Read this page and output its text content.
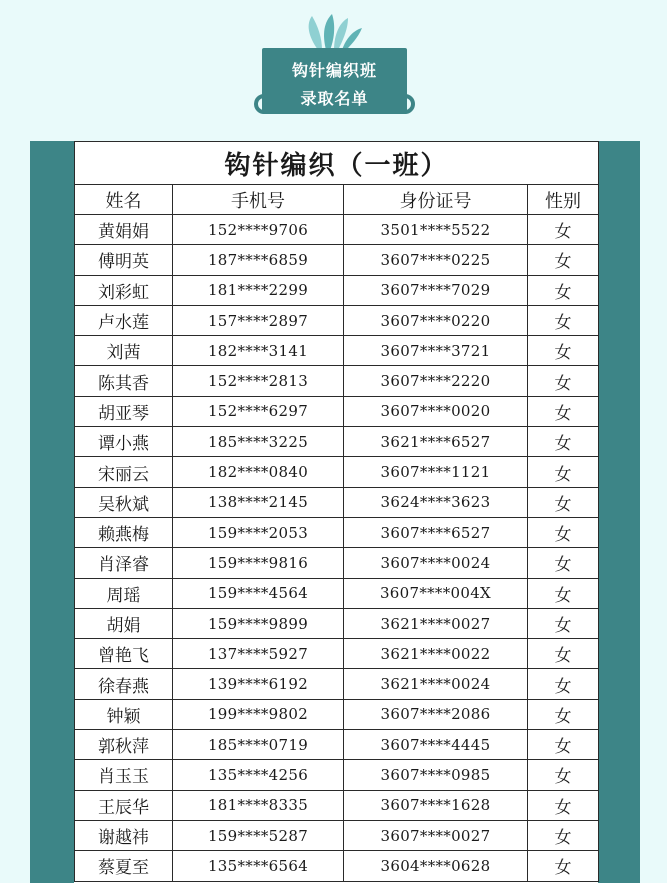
钩针编织班
录取名单
钩针编织（一班）			
姓名	手机号	身份证号	性别
黄娟娟	152****9706	3501****5522	女
傅明英	187****6859	3607****0225	女
刘彩虹	181****2299	3607****7029	女
卢水莲	157****2897	3607****0220	女
刘茜	182****3141	3607****3721	女
陈其香	152****2813	3607****2220	女
胡亚琴	152****6297	3607****0020	女
谭小燕	185****3225	3621****6527	女
宋丽云	182****0840	3607****1121	女
吴秋斌	138****2145	3624****3623	女
赖燕梅	159****2053	3607****6527	女
肖泽睿	159****9816	3607****0024	女
周瑶	159****4564	3607****004X	女
胡娟	159****9899	3621****0027	女
曾艳飞	137****5927	3621****0022	女
徐春燕	139****6192	3621****0024	女
钟颖	199****9802	3607****2086	女
郭秋萍	185****0719	3607****4445	女
肖玉玉	135****4256	3607****0985	女
王辰华	181****8335	3607****1628	女
谢越祎	159****5287	3607****0027	女
蔡夏至	135****6564	3604****0628	女
